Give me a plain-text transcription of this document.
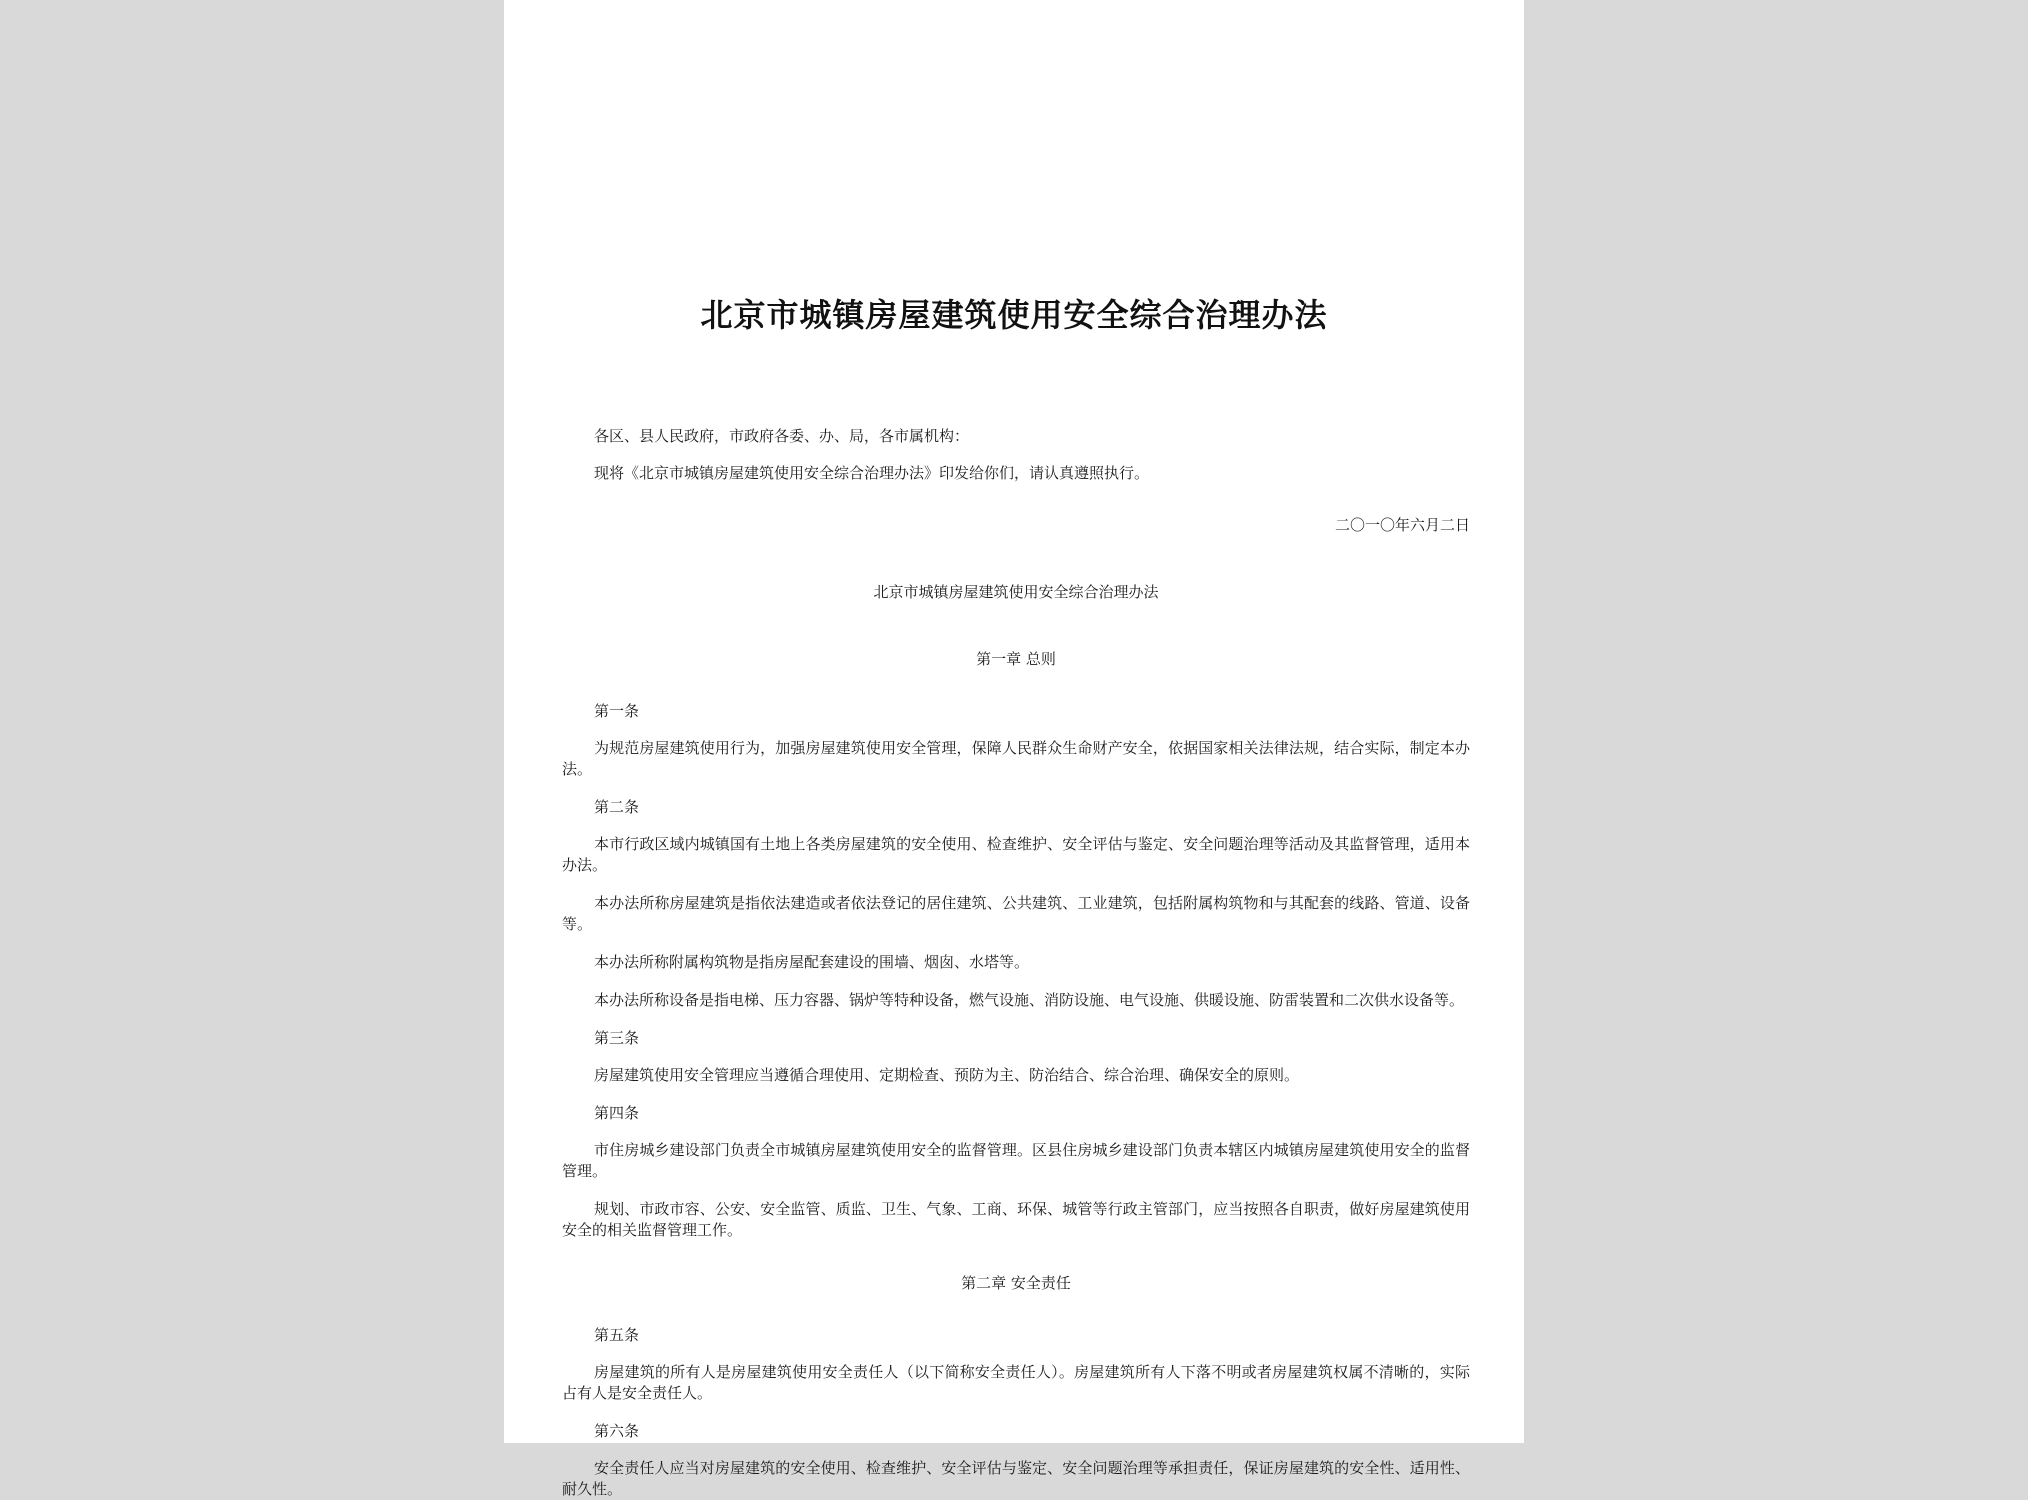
北京市城镇房屋建筑使用安全综合治理办法

各区、县人民政府，市政府各委、办、局，各市属机构：

现将《北京市城镇房屋建筑使用安全综合治理办法》印发给你们，请认真遵照执行。

二〇一〇年六月二日

北京市城镇房屋建筑使用安全综合治理办法

第一章 总则

第一条

为规范房屋建筑使用行为，加强房屋建筑使用安全管理，保障人民群众生命财产安全，依据国家相关法律法规，结合实际，制定本办法。

第二条

本市行政区域内城镇国有土地上各类房屋建筑的安全使用、检查维护、安全评估与鉴定、安全问题治理等活动及其监督管理，适用本办法。

本办法所称房屋建筑是指依法建造或者依法登记的居住建筑、公共建筑、工业建筑，包括附属构筑物和与其配套的线路、管道、设备等。

本办法所称附属构筑物是指房屋配套建设的围墙、烟囱、水塔等。

本办法所称设备是指电梯、压力容器、锅炉等特种设备，燃气设施、消防设施、电气设施、供暖设施、防雷装置和二次供水设备等。

第三条

房屋建筑使用安全管理应当遵循合理使用、定期检查、预防为主、防治结合、综合治理、确保安全的原则。

第四条

市住房城乡建设部门负责全市城镇房屋建筑使用安全的监督管理。区县住房城乡建设部门负责本辖区内城镇房屋建筑使用安全的监督管理。

规划、市政市容、公安、安全监管、质监、卫生、气象、工商、环保、城管等行政主管部门，应当按照各自职责，做好房屋建筑使用安全的相关监督管理工作。

第二章 安全责任

第五条

房屋建筑的所有人是房屋建筑使用安全责任人（以下简称安全责任人）。房屋建筑所有人下落不明或者房屋建筑权属不清晰的，实际占有人是安全责任人。

第六条

安全责任人应当对房屋建筑的安全使用、检查维护、安全评估与鉴定、安全问题治理等承担责任，保证房屋建筑的安全性、适用性、耐久性。
